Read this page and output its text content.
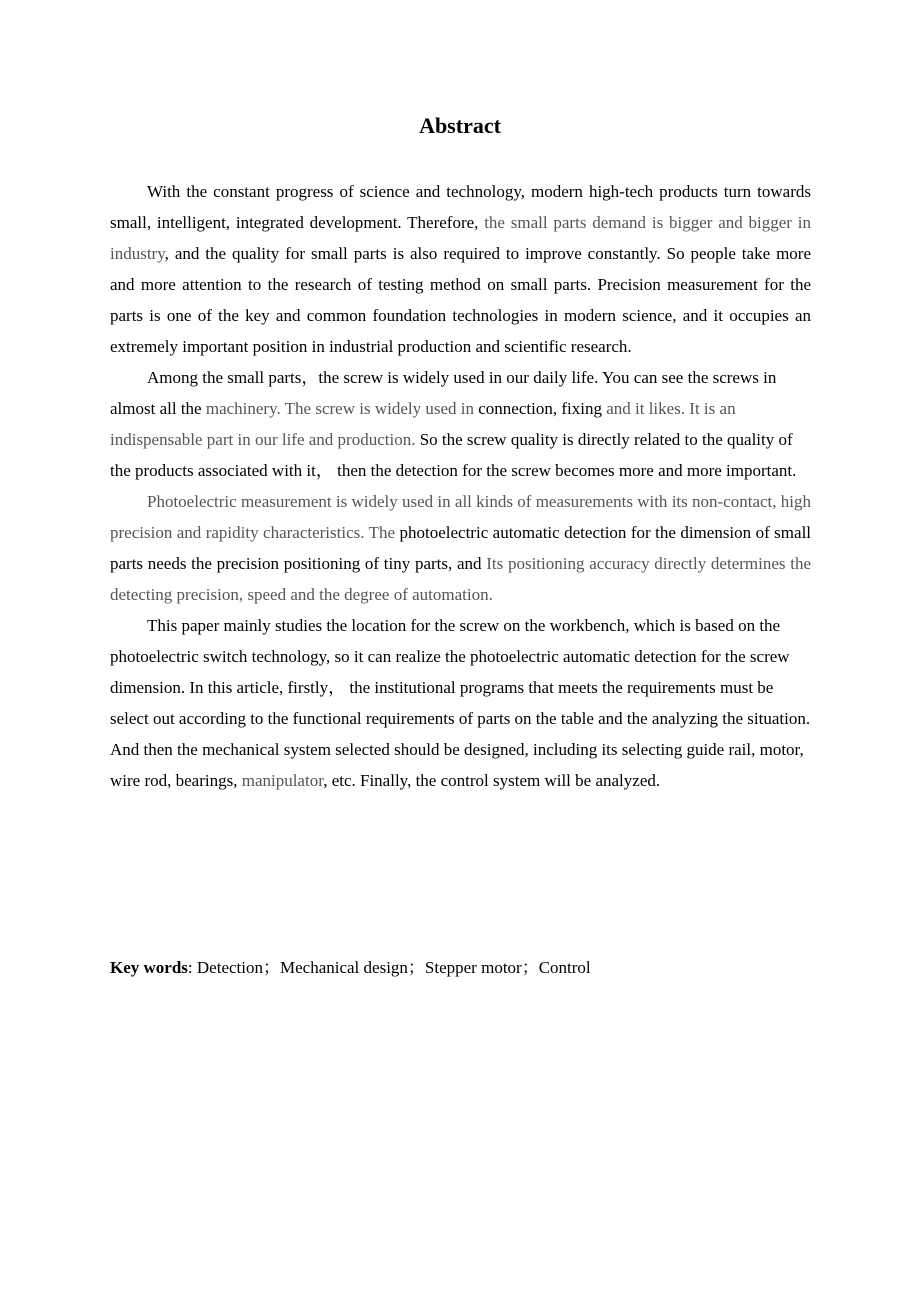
Abstract

With the constant progress of science and technology, modern high-tech products turn towards small, intelligent, integrated development. Therefore, the small parts demand is bigger and bigger in industry, and the quality for small parts is also required to improve constantly. So people take more and more attention to the research of testing method on small parts. Precision measurement for the parts is one of the key and common foundation technologies in modern science, and it occupies an extremely important position in industrial production and scientific research.

Among the small parts，the screw is widely used in our daily life. You can see the screws in almost all the machinery. The screw is widely used in connection, fixing and it likes. It is an indispensable part in our life and production. So the screw quality is directly related to the quality of the products associated with it， then the detection for the screw becomes more and more important.

Photoelectric measurement is widely used in all kinds of measurements with its non-contact, high precision and rapidity characteristics. The photoelectric automatic detection for the dimension of small parts needs the precision positioning of tiny parts, and Its positioning accuracy directly determines the detecting precision, speed and the degree of automation.

This paper mainly studies the location for the screw on the workbench, which is based on the photoelectric switch technology, so it can realize the photoelectric automatic detection for the screw dimension. In this article, firstly， the institutional programs that meets the requirements must be select out according to the functional requirements of parts on the table and the analyzing the situation. And then the mechanical system selected should be designed, including its selecting guide rail, motor, wire rod, bearings, manipulator, etc. Finally, the control system will be analyzed.

Key words: Detection；Mechanical design；Stepper motor；Control
